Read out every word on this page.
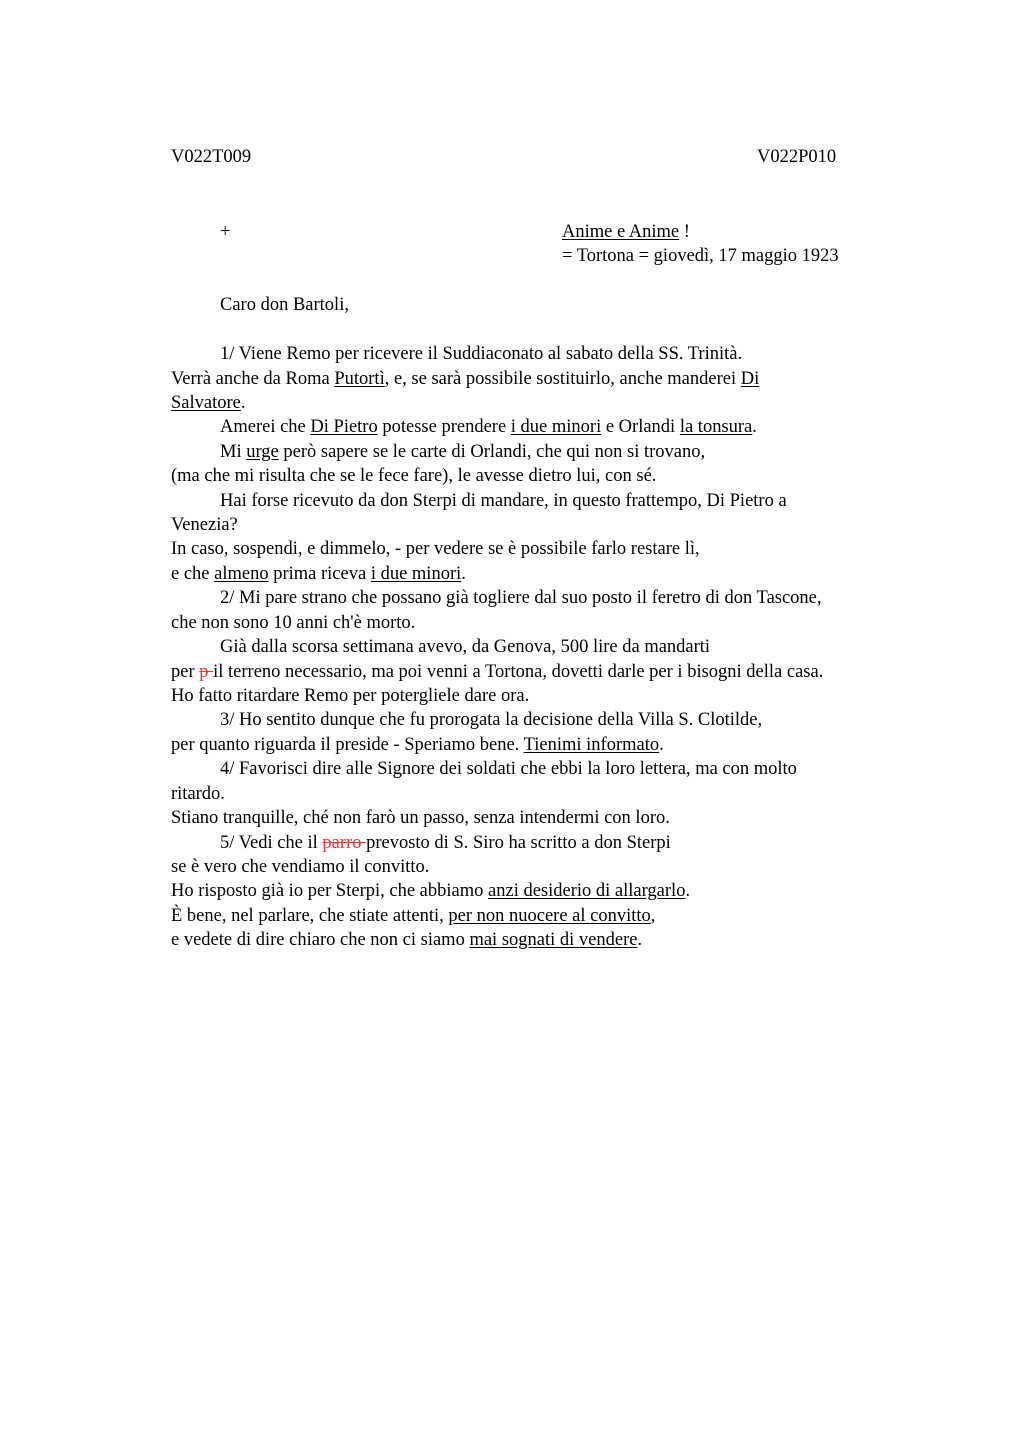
V022T009	V022P010
+	Anime e Anime !
= Tortona = giovedì, 17 maggio 1923
Caro don Bartoli,
1/ Viene Remo per ricevere il Suddiaconato al sabato della SS. Trinità.
Verrà anche da Roma Putortì, e, se sarà possibile sostituirlo, anche manderei Di
Salvatore.
Amerei che Di Pietro potesse prendere i due minori e Orlandi la tonsura.
Mi urge però sapere se le carte di Orlandi, che qui non si trovano,
(ma che mi risulta che se le fece fare), le avesse dietro lui, con sé.
Hai forse ricevuto da don Sterpi di mandare, in questo frattempo, Di Pietro a
Venezia?
In caso, sospendi, e dimmelo, - per vedere se è possibile farlo restare lì,
e che almeno prima riceva i due minori.
2/ Mi pare strano che possano già togliere dal suo posto il feretro di don Tascone,
che non sono 10 anni ch'è morto.
Già dalla scorsa settimana avevo, da Genova, 500 lire da mandarti
per p il terreno necessario, ma poi venni a Tortona, dovetti darle per i bisogni della casa.
Ho fatto ritardare Remo per potergliele dare ora.
3/ Ho sentito dunque che fu prorogata la decisione della Villa S. Clotilde,
per quanto riguarda il preside - Speriamo bene. Tienimi informato.
4/ Favorisci dire alle Signore dei soldati che ebbi la loro lettera, ma con molto
ritardo.
Stiano tranquille, ché non farò un passo, senza intendermi con loro.
5/ Vedi che il parro prevosto di S. Siro ha scritto a don Sterpi
se è vero che vendiamo il convitto.
Ho risposto già io per Sterpi, che abbiamo anzi desiderio di allargarlo.
È bene, nel parlare, che stiate attenti, per non nuocere al convitto,
e vedete di dire chiaro che non ci siamo mai sognati di vendere.
